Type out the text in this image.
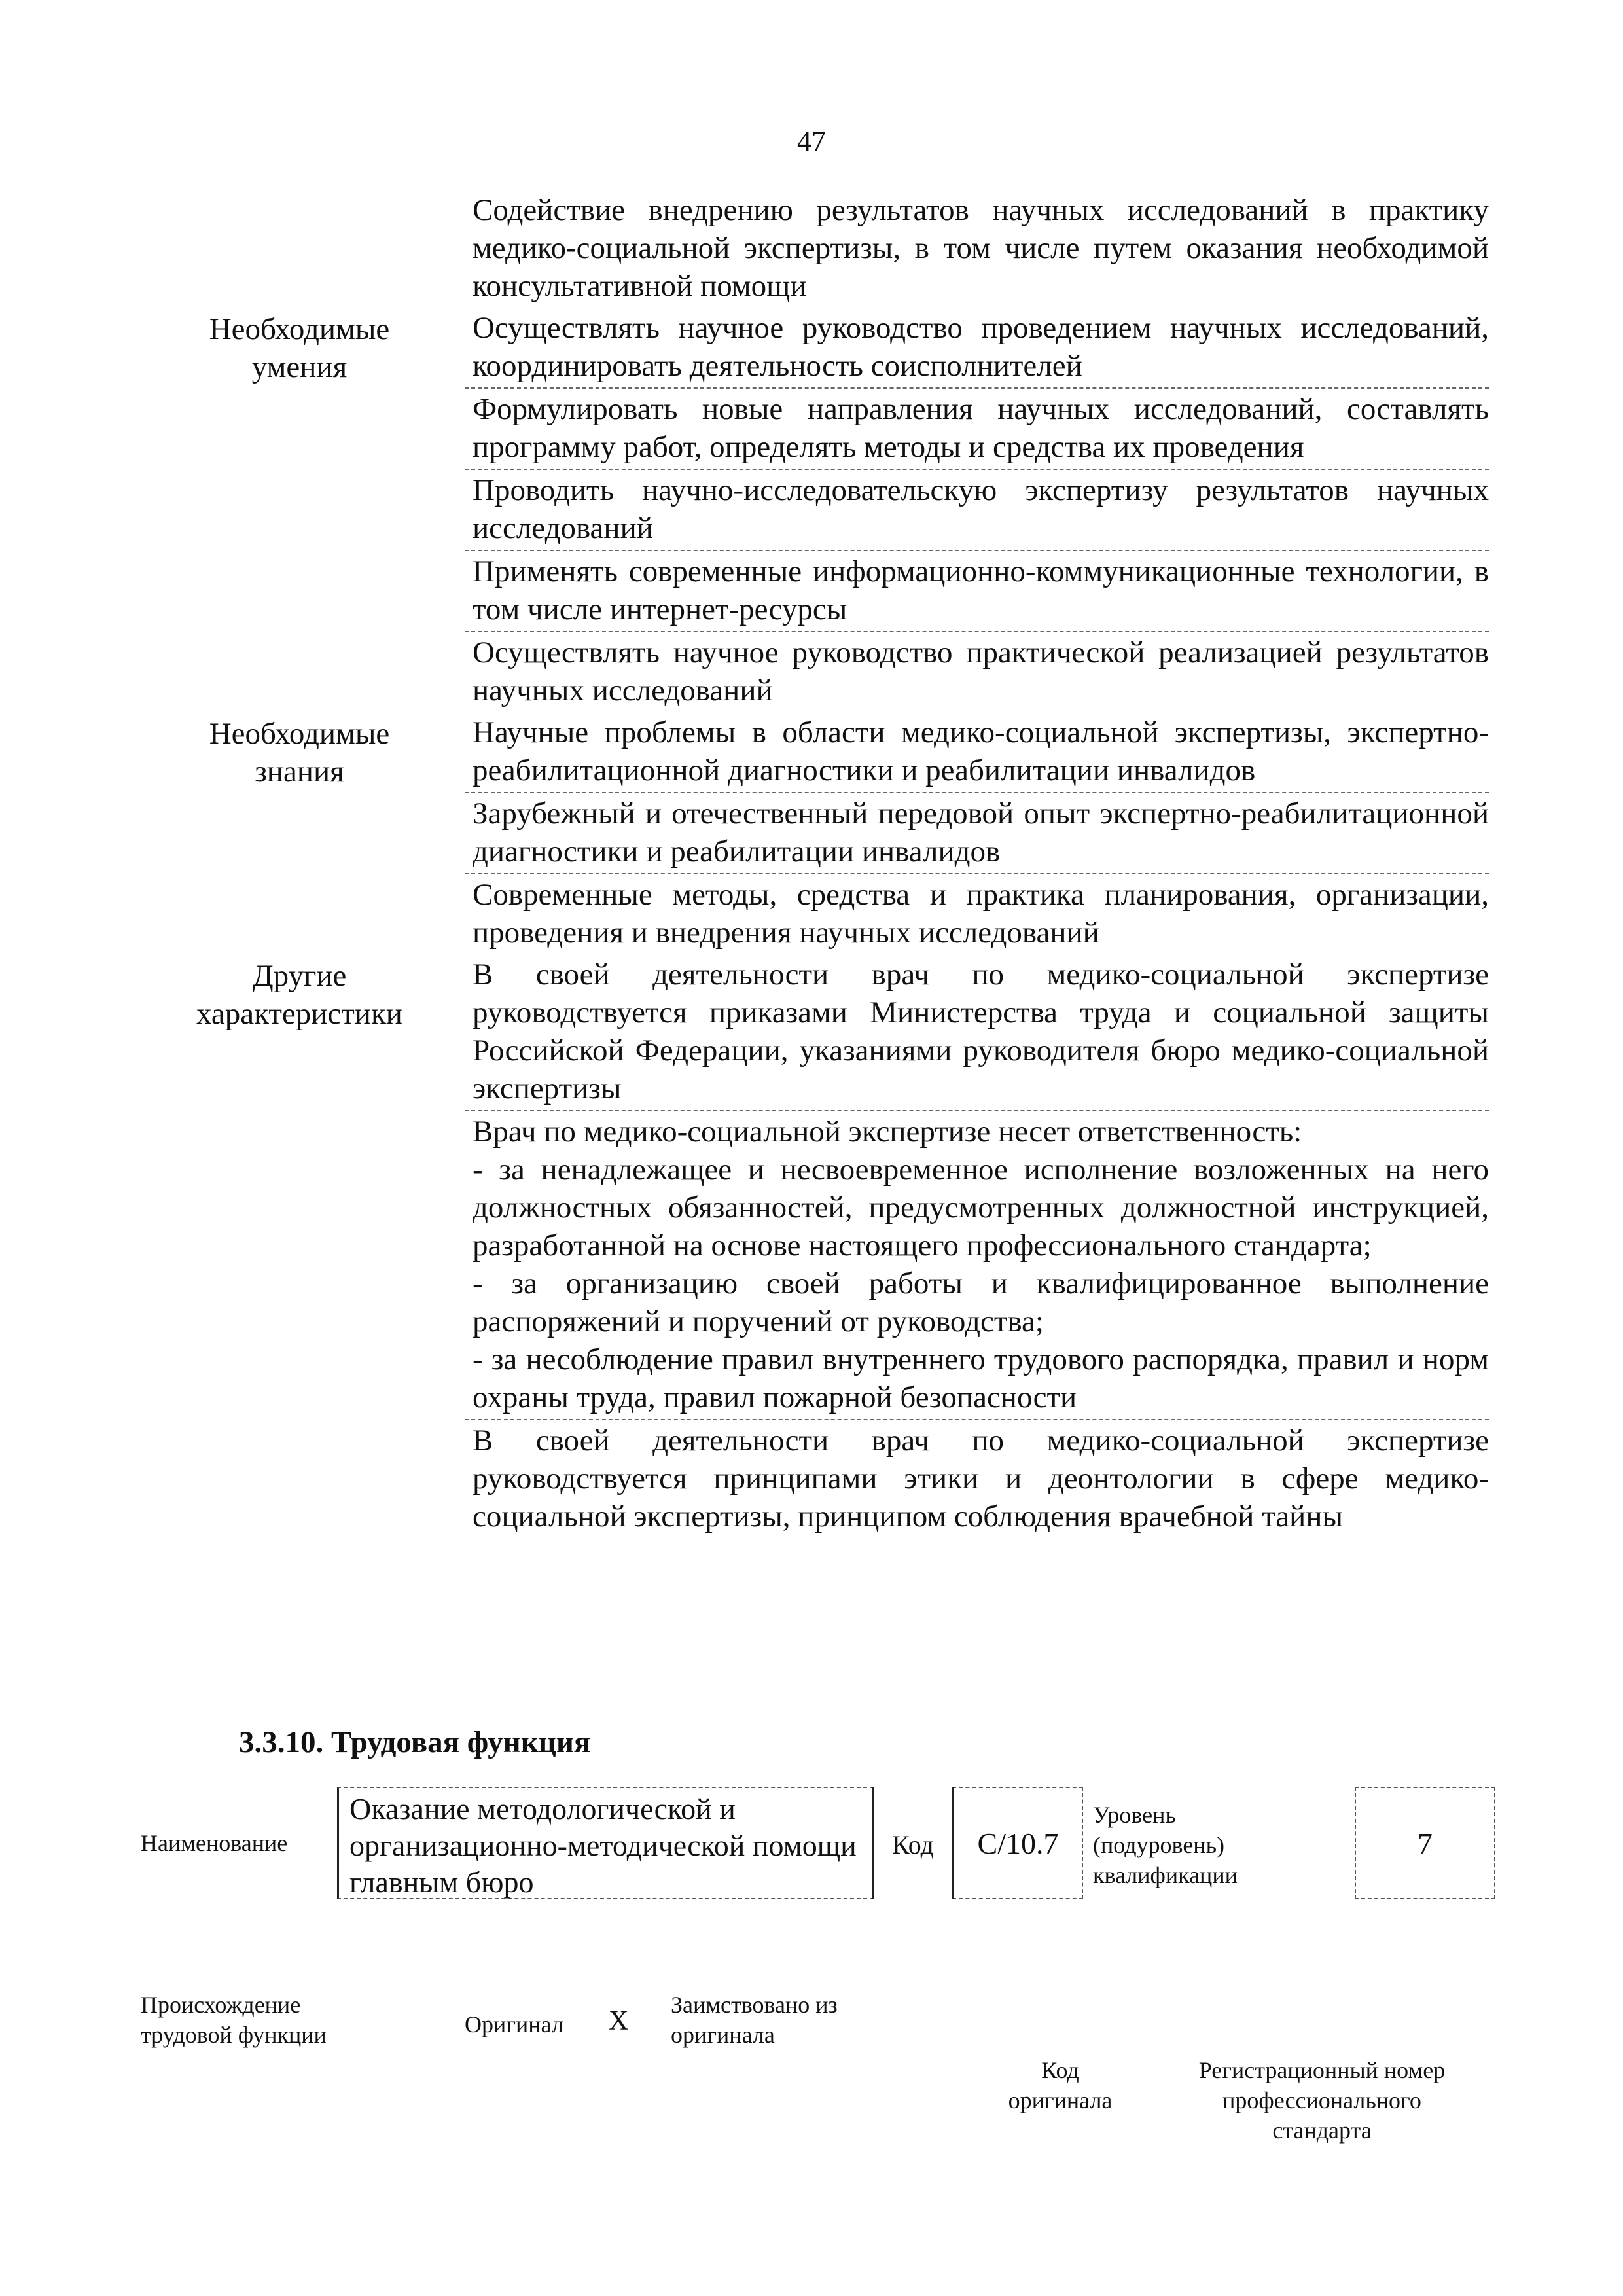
47
	Содействие внедрению результатов научных исследований в практику медико-социальной экспертизы, в том числе путем оказания необходимой консультативной помощи

Необходимые
умения	Осуществлять научное руководство проведением научных исследований, координировать деятельность соисполнителей
	Формулировать новые направления научных исследований, составлять программу работ, определять методы и средства их проведения
	Проводить научно-исследовательскую экспертизу результатов научных исследований
	Применять современные информационно-коммуникационные технологии, в том числе интернет-ресурсы
	Осуществлять научное руководство практической реализацией результатов научных исследований

Необходимые
знания	Научные проблемы в области медико-социальной экспертизы, экспертно-реабилитационной диагностики и реабилитации инвалидов
	Зарубежный и отечественный передовой опыт экспертно-реабилитационной диагностики и реабилитации инвалидов
	Современные методы, средства и практика планирования, организации, проведения и внедрения научных исследований

Другие
характеристики	В своей деятельности врач по медико-социальной экспертизе руководствуется приказами Министерства труда и социальной защиты Российской Федерации, указаниями руководителя бюро медико-социальной экспертизы

	Врач по медико-социальной экспертизе несет ответственность:
- за ненадлежащее и несвоевременное исполнение возложенных на него должностных обязанностей, предусмотренных должностной инструкцией, разработанной на основе настоящего профессионального стандарта;
- за организацию своей работы и квалифицированное выполнение распоряжений и поручений от руководства;
- за несоблюдение правил внутреннего трудового распорядка, правил и норм охраны труда, правил пожарной безопасности

	В своей деятельности врач по медико-социальной экспертизе руководствуется принципами этики и деонтологии в сфере медико-социальной экспертизы, принципом соблюдения врачебной тайны
3.3.10. Трудовая функция
Наименование
Оказание методологической и организационно-методической помощи главным бюро
Код	C/10.7
Уровень (подуровень) квалификации
7
Происхождение трудовой функции	Оригинал X
Заимствовано из оригинала
Код оригинала
Регистрационный номер профессионального стандарта
